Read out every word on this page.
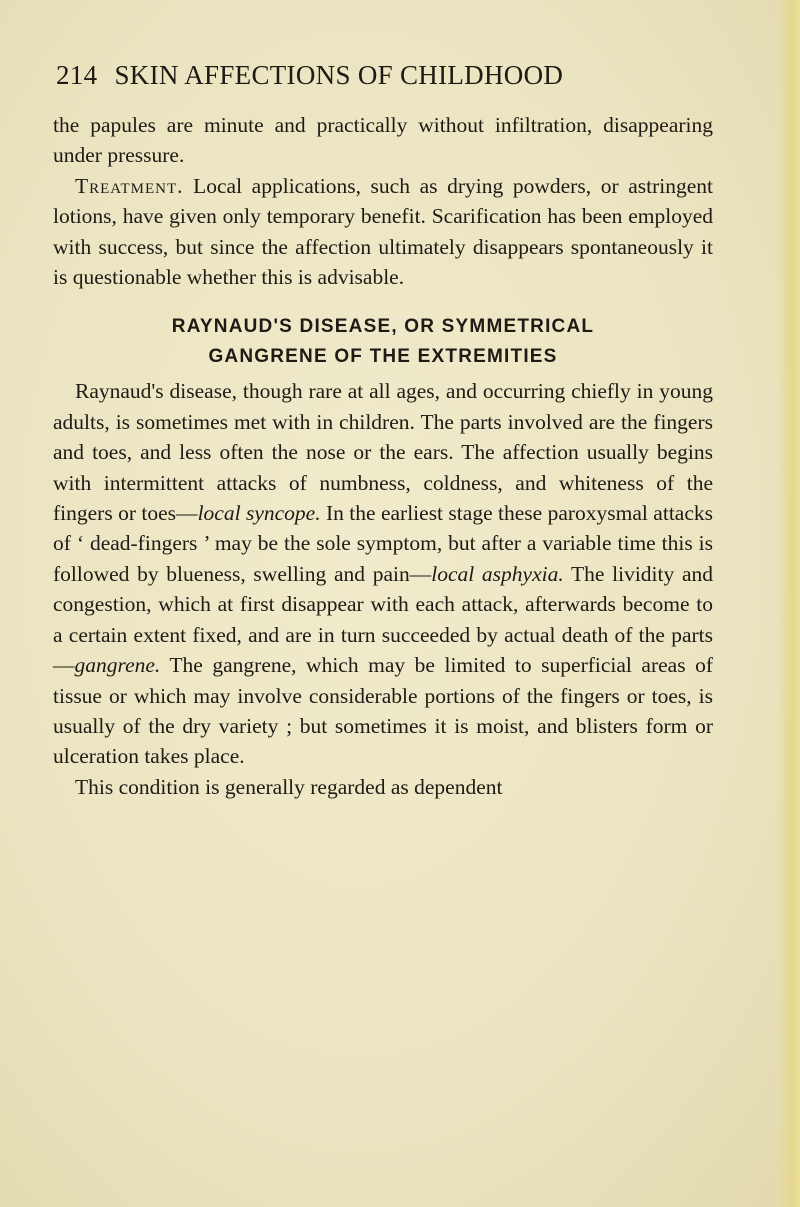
214 SKIN AFFECTIONS OF CHILDHOOD

the papules are minute and practically without infiltration, disappearing under pressure.

Treatment. Local applications, such as drying powders, or astringent lotions, have given only temporary benefit. Scarification has been employed with success, but since the affection ultimately disappears spontaneously it is questionable whether this is advisable.

RAYNAUD'S DISEASE, OR SYMMETRICAL
GANGRENE OF THE EXTREMITIES

Raynaud's disease, though rare at all ages, and occurring chiefly in young adults, is sometimes met with in children. The parts involved are the fingers and toes, and less often the nose or the ears. The affection usually begins with intermittent attacks of numbness, coldness, and whiteness of the fingers or toes—local syncope. In the earliest stage these paroxysmal attacks of ‘ dead-fingers ’ may be the sole symptom, but after a variable time this is followed by blueness, swelling and pain—local asphyxia. The lividity and congestion, which at first disappear with each attack, afterwards become to a certain extent fixed, and are in turn succeeded by actual death of the parts—gangrene. The gangrene, which may be limited to superficial areas of tissue or which may involve considerable portions of the fingers or toes, is usually of the dry variety ; but sometimes it is moist, and blisters form or ulceration takes place.

This condition is generally regarded as dependent
